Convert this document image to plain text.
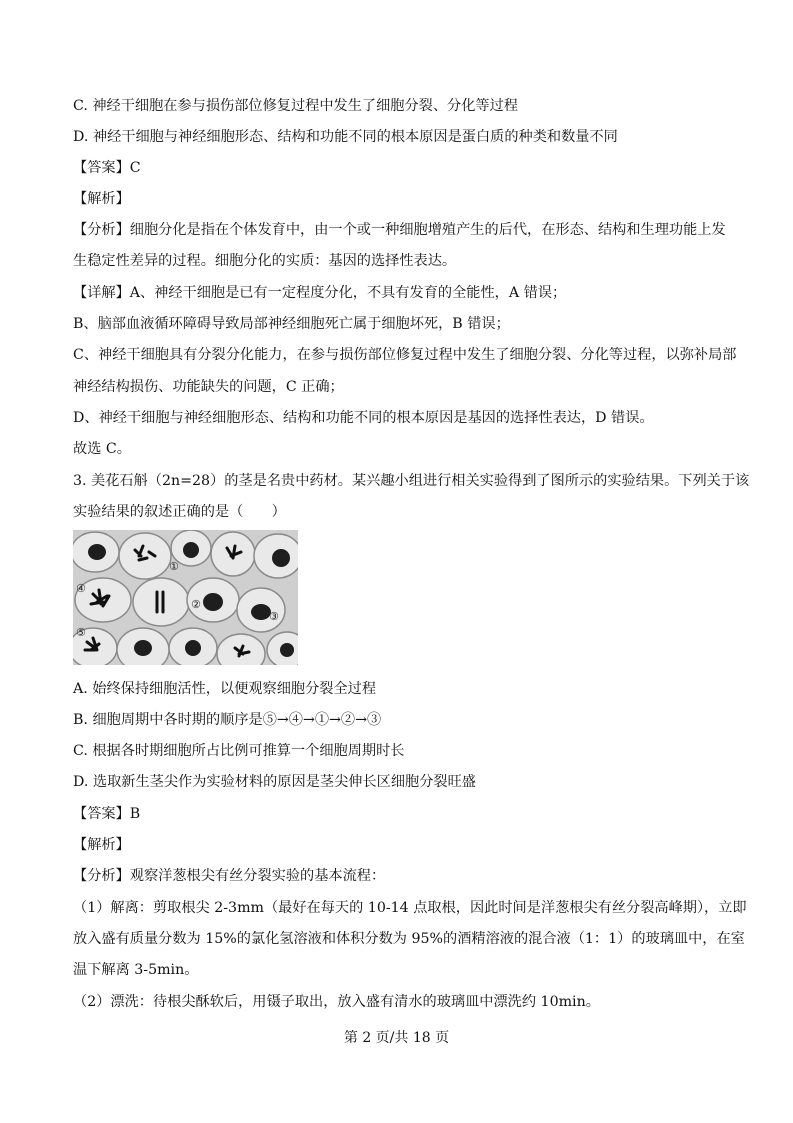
C. 神经干细胞在参与损伤部位修复过程中发生了细胞分裂、分化等过程
D. 神经干细胞与神经细胞形态、结构和功能不同的根本原因是蛋白质的种类和数量不同
【答案】C
【解析】
【分析】细胞分化是指在个体发育中，由一个或一种细胞增殖产生的后代，在形态、结构和生理功能上发
生稳定性差异的过程。细胞分化的实质：基因的选择性表达。
【详解】A、神经干细胞是已有一定程度分化，不具有发育的全能性，A 错误；
B、脑部血液循环障碍导致局部神经细胞死亡属于细胞坏死，B 错误；
C、神经干细胞具有分裂分化能力，在参与损伤部位修复过程中发生了细胞分裂、分化等过程，以弥补局部
神经结构损伤、功能缺失的问题，C 正确；
D、神经干细胞与神经细胞形态、结构和功能不同的根本原因是基因的选择性表达，D 错误。
故选 C。
3. 美花石斛（2n=28）的茎是名贵中药材。某兴趣小组进行相关实验得到了图所示的实验结果。下列关于该
实验结果的叙述正确的是（　　）
①
②
③
④
⑤
A. 始终保持细胞活性，以便观察细胞分裂全过程
B. 细胞周期中各时期的顺序是⑤→④→①→②→③
C. 根据各时期细胞所占比例可推算一个细胞周期时长
D. 选取新生茎尖作为实验材料的原因是茎尖伸长区细胞分裂旺盛
【答案】B
【解析】
【分析】观察洋葱根尖有丝分裂实验的基本流程：
（1）解离：剪取根尖 2-3mm（最好在每天的 10-14 点取根，因此时间是洋葱根尖有丝分裂高峰期），立即
放入盛有质量分数为 15%的氯化氢溶液和体积分数为 95%的酒精溶液的混合液（1：1）的玻璃皿中，在室
温下解离 3-5min。
（2）漂洗：待根尖酥软后，用镊子取出，放入盛有清水的玻璃皿中漂洗约 10min。
第 2 页/共 18 页
